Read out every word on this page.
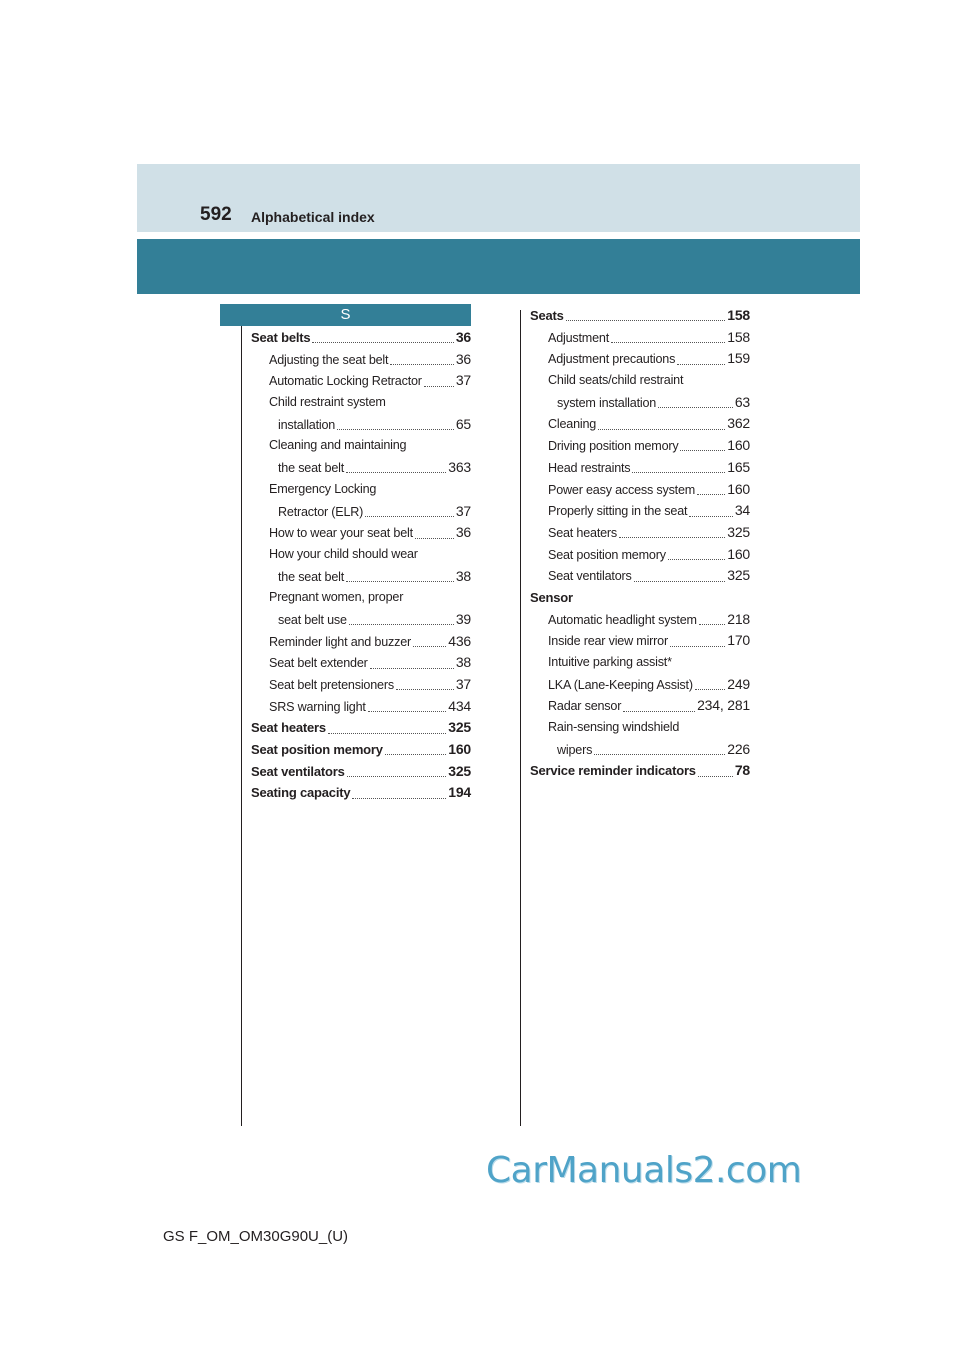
592 Alphabetical index
S
Seat belts	36
Adjusting the seat belt	36
Automatic Locking Retractor 37
Child restraint system
installation	65
Cleaning and maintaining
the seat belt	363
Emergency Locking
Retractor (ELR)	37
How to wear your seat belt	36
How your child should wear
the seat belt	38
Pregnant women, proper
seat belt use	39
Reminder light and buzzer	436
Seat belt extender	38
Seat belt pretensioners	37
SRS warning light	434
Seat heaters	325
Seat position memory	160
Seat ventilators	325
Seating capacity	194
Seats	158
Adjustment	158
Adjustment precautions	159
Child seats/child restraint
system installation	63
Cleaning	362
Driving position memory	160
Head restraints	165
Power easy access system 160
Properly sitting in the seat	34
Seat heaters	325
Seat position memory	160
Seat ventilators	325
Sensor
Automatic headlight system 218
Inside rear view mirror	170
Intuitive parking assist*
LKA (Lane-Keeping Assist) 249
Radar sensor	234, 281
Rain-sensing windshield
wipers	226
Service reminder indicators	78
CarManuals2.com
GS F_OM_OM30G90U_(U)
